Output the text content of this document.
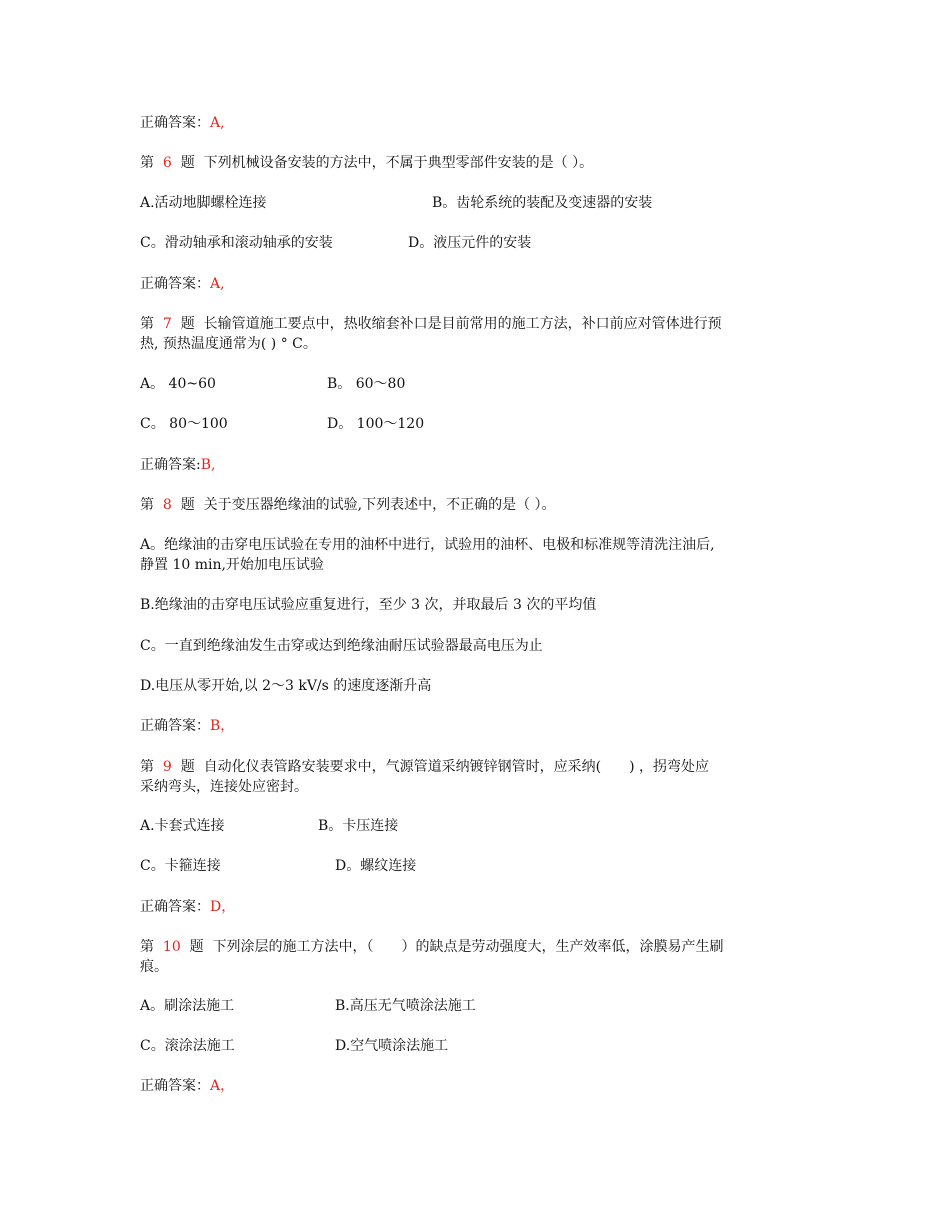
正确答案：A,
第 6 题 下列机械设备安装的方法中，不属于典型零部件安装的是（ ）。
A.活动地脚螺栓连接	B。齿轮系统的装配及变速器的安装
C。滑动轴承和滚动轴承的安装	D。液压元件的安装
正确答案：A,
第 7 题 长输管道施工要点中，热收缩套补口是目前常用的施工方法，补口前应对管体进行预
热, 预热温度通常为( ) ° C。
A。 40~60	B。 60～80
C。 80～100	D。 100～120
正确答案:B,
第 8 题 关于变压器绝缘油的试验,下列表述中，不正确的是（ ）。
A。绝缘油的击穿电压试验在专用的油杯中进行，试验用的油杯、电极和标准规等清洗注油后,
静置 10 min,开始加电压试验
B.绝缘油的击穿电压试验应重复进行，至少 3 次，并取最后 3 次的平均值
C。一直到绝缘油发生击穿或达到绝缘油耐压试验器最高电压为止
D.电压从零开始,以 2～3 kV/s 的速度逐渐升高
正确答案：B，
第 9 题 自动化仪表管路安装要求中，气源管道采纳镀锌钢管时，应采纳(　　) ，拐弯处应
采纳弯头，连接处应密封。
A.卡套式连接	B。卡压连接
C。卡箍连接	D。螺纹连接
正确答案：D，
第 10 题 下列涂层的施工方法中，（　　）的缺点是劳动强度大，生产效率低，涂膜易产生刷
痕。
A。刷涂法施工	B.高压无气喷涂法施工
C。滚涂法施工	D.空气喷涂法施工
正确答案：A，
